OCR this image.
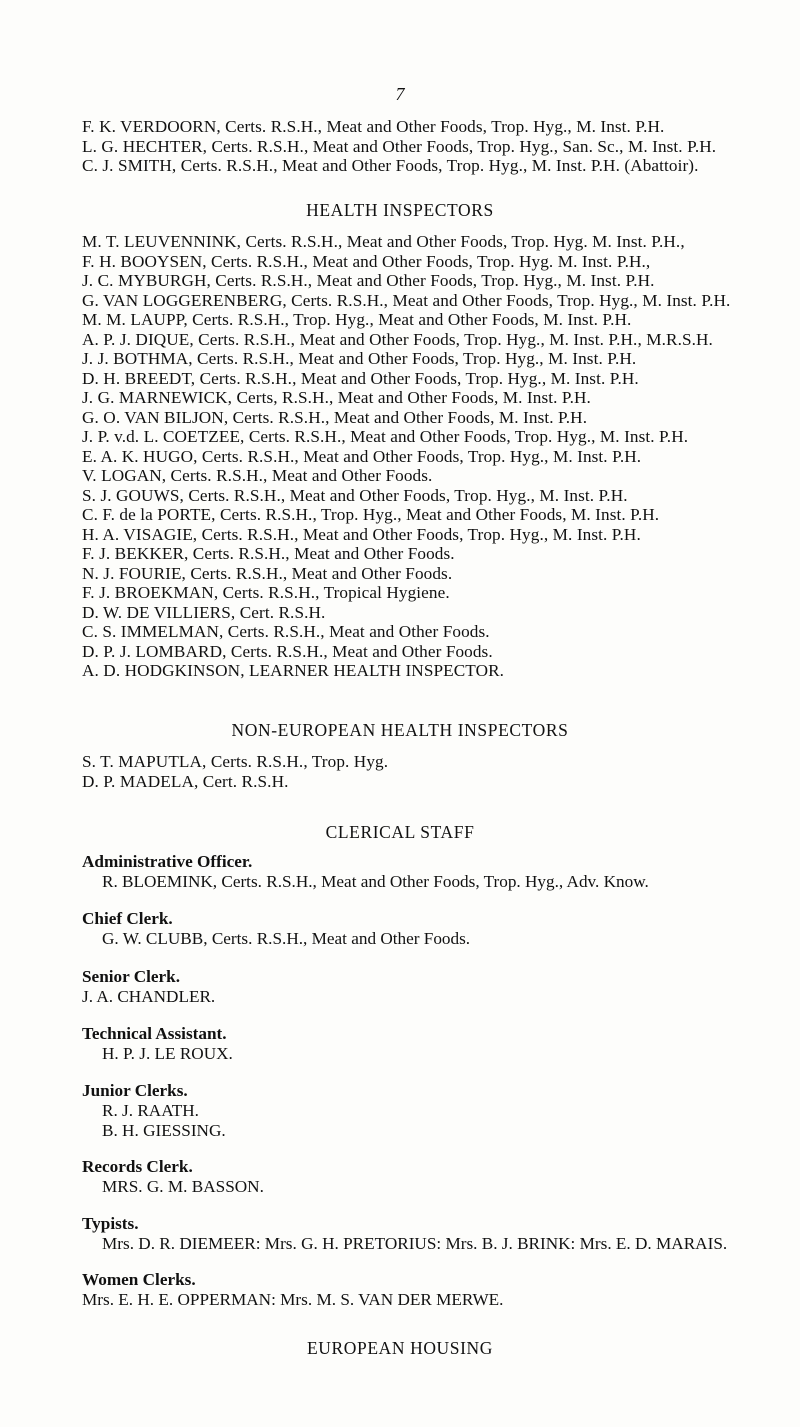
7
F. K. VERDOORN, Certs. R.S.H., Meat and Other Foods, Trop. Hyg., M. Inst. P.H.
L. G. HECHTER, Certs. R.S.H., Meat and Other Foods, Trop. Hyg., San. Sc., M. Inst. P.H.
C. J. SMITH, Certs. R.S.H., Meat and Other Foods, Trop. Hyg., M. Inst. P.H. (Abattoir).
HEALTH INSPECTORS
M. T. LEUVENNINK, Certs. R.S.H., Meat and Other Foods, Trop. Hyg. M. Inst. P.H.,
F. H. BOOYSEN, Certs. R.S.H., Meat and Other Foods, Trop. Hyg. M. Inst. P.H.,
J. C. MYBURGH, Certs. R.S.H., Meat and Other Foods, Trop. Hyg., M. Inst. P.H.
G. VAN LOGGERENBERG, Certs. R.S.H., Meat and Other Foods, Trop. Hyg., M. Inst. P.H.
M. M. LAUPP, Certs. R.S.H., Trop. Hyg., Meat and Other Foods, M. Inst. P.H.
A. P. J. DIQUE, Certs. R.S.H., Meat and Other Foods, Trop. Hyg., M. Inst. P.H., M.R.S.H.
J. J. BOTHMA, Certs. R.S.H., Meat and Other Foods, Trop. Hyg., M. Inst. P.H.
D. H. BREEDT, Certs. R.S.H., Meat and Other Foods, Trop. Hyg., M. Inst. P.H.
J. G. MARNEWICK, Certs, R.S.H., Meat and Other Foods, M. Inst. P.H.
G. O. VAN BILJON, Certs. R.S.H., Meat and Other Foods, M. Inst. P.H.
J. P. v.d. L. COETZEE, Certs. R.S.H., Meat and Other Foods, Trop. Hyg., M. Inst. P.H.
E. A. K. HUGO, Certs. R.S.H., Meat and Other Foods, Trop. Hyg., M. Inst. P.H.
V. LOGAN, Certs. R.S.H., Meat and Other Foods.
S. J. GOUWS, Certs. R.S.H., Meat and Other Foods, Trop. Hyg., M. Inst. P.H.
C. F. de la PORTE, Certs. R.S.H., Trop. Hyg., Meat and Other Foods, M. Inst. P.H.
H. A. VISAGIE, Certs. R.S.H., Meat and Other Foods, Trop. Hyg., M. Inst. P.H.
F. J. BEKKER, Certs. R.S.H., Meat and Other Foods.
N. J. FOURIE, Certs. R.S.H., Meat and Other Foods.
F. J. BROEKMAN, Certs. R.S.H., Tropical Hygiene.
D. W. DE VILLIERS, Cert. R.S.H.
C. S. IMMELMAN, Certs. R.S.H., Meat and Other Foods.
D. P. J. LOMBARD, Certs. R.S.H., Meat and Other Foods.
A. D. HODGKINSON, LEARNER HEALTH INSPECTOR.
NON-EUROPEAN HEALTH INSPECTORS
S. T. MAPUTLA, Certs. R.S.H., Trop. Hyg.
D. P. MADELA, Cert. R.S.H.
CLERICAL STAFF
Administrative Officer.
R. BLOEMINK, Certs. R.S.H., Meat and Other Foods, Trop. Hyg., Adv. Know.
Chief Clerk.
G. W. CLUBB, Certs. R.S.H., Meat and Other Foods.
Senior Clerk.
J. A. CHANDLER.
Technical Assistant.
H. P. J. LE ROUX.
Junior Clerks.
R. J. RAATH.
B. H. GIESSING.
Records Clerk.
MRS. G. M. BASSON.
Typists.
Mrs. D. R. DIEMEER: Mrs. G. H. PRETORIUS: Mrs. B. J. BRINK: Mrs. E. D. MARAIS.
Women Clerks.
Mrs. E. H. E. OPPERMAN: Mrs. M. S. VAN DER MERWE.
EUROPEAN HOUSING
